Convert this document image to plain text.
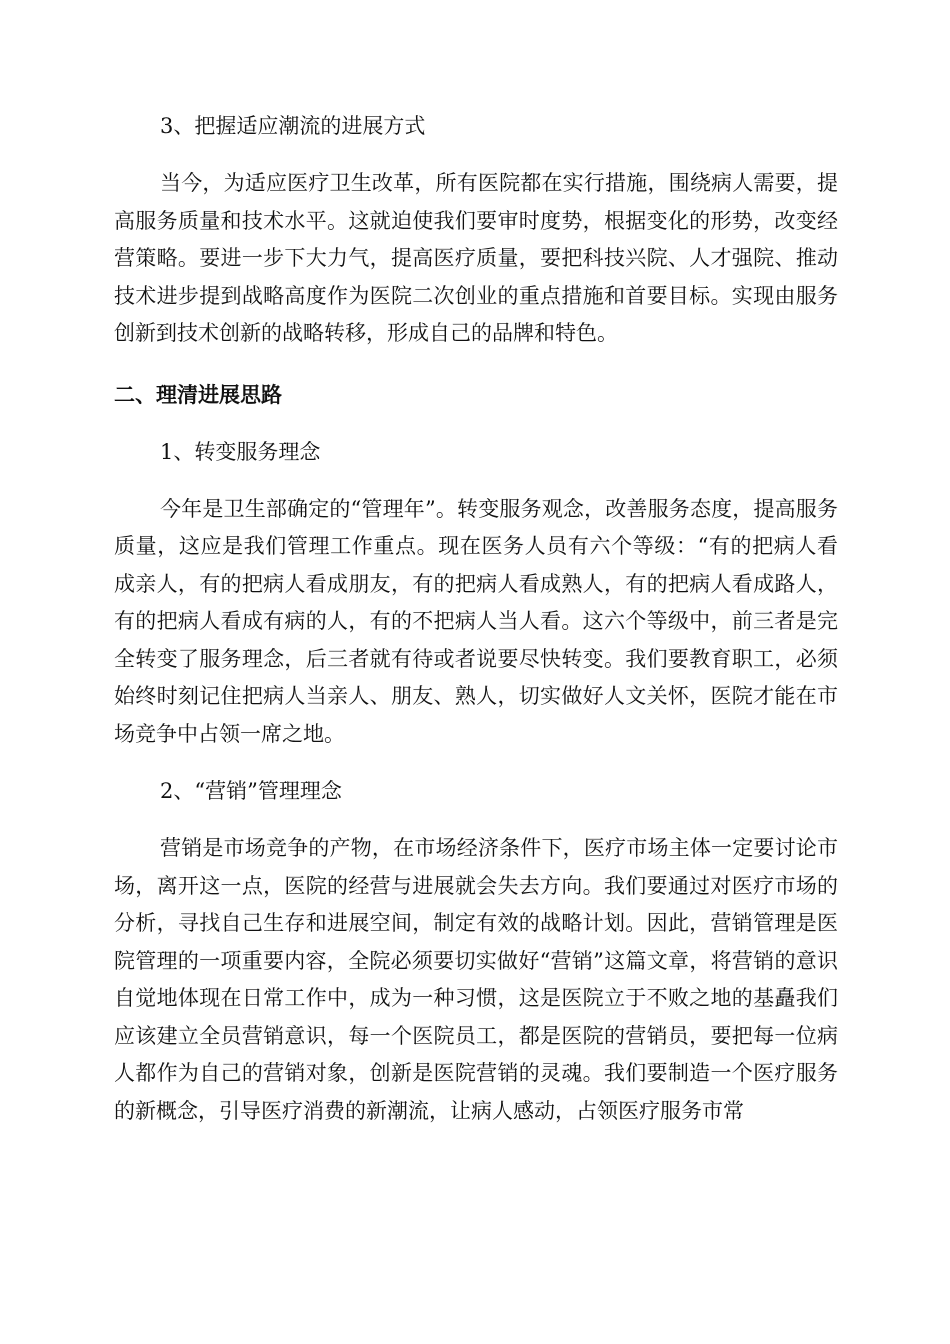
3、把握适应潮流的进展方式

当今，为适应医疗卫生改革，所有医院都在实行措施，围绕病人需要，提高服务质量和技术水平。这就迫使我们要审时度势，根据变化的形势，改变经营策略。要进一步下大力气，提高医疗质量，要把科技兴院、人才强院、推动技术进步提到战略高度作为医院二次创业的重点措施和首要目标。实现由服务创新到技术创新的战略转移，形成自己的品牌和特色。

二、理清进展思路

1、转变服务理念

今年是卫生部确定的“管理年”。转变服务观念，改善服务态度，提高服务质量，这应是我们管理工作重点。现在医务人员有六个等级：“有的把病人看成亲人，有的把病人看成朋友，有的把病人看成熟人，有的把病人看成路人，有的把病人看成有病的人，有的不把病人当人看。这六个等级中，前三者是完全转变了服务理念，后三者就有待或者说要尽快转变。我们要教育职工，必须始终时刻记住把病人当亲人、朋友、熟人，切实做好人文关怀，医院才能在市场竞争中占领一席之地。

2、“营销”管理理念

营销是市场竞争的产物，在市场经济条件下，医疗市场主体一定要讨论市场，离开这一点，医院的经营与进展就会失去方向。我们要通过对医疗市场的分析，寻找自己生存和进展空间，制定有效的战略计划。因此，营销管理是医院管理的一项重要内容，全院必须要切实做好“营销”这篇文章，将营销的意识自觉地体现在日常工作中，成为一种习惯，这是医院立于不败之地的基矗我们应该建立全员营销意识，每一个医院员工，都是医院的营销员，要把每一位病人都作为自己的营销对象，创新是医院营销的灵魂。我们要制造一个医疗服务的新概念，引导医疗消费的新潮流，让病人感动，占领医疗服务市常
